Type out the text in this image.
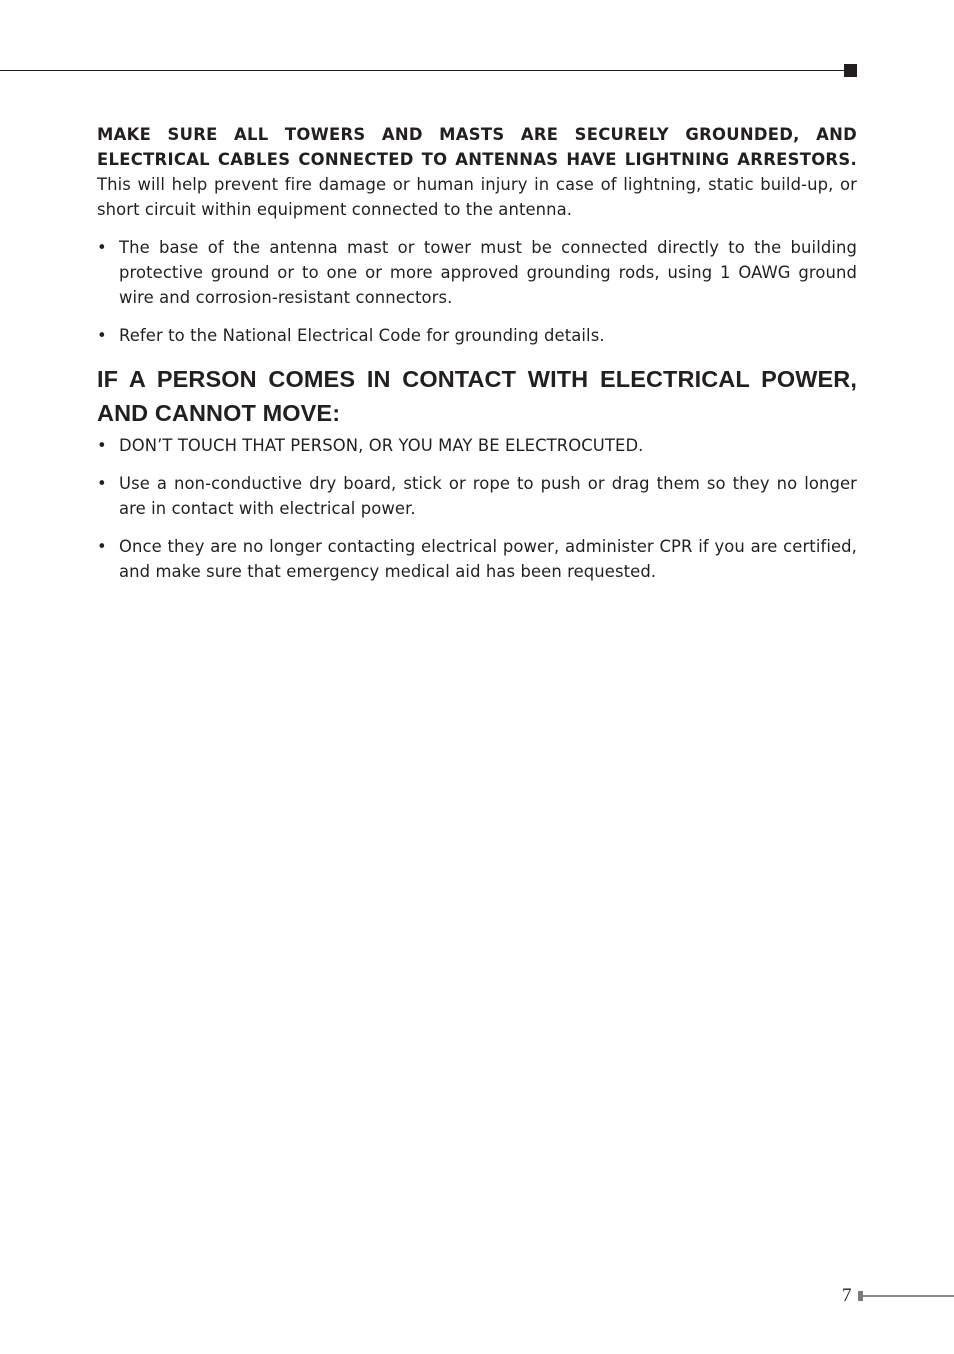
MAKE SURE ALL TOWERS AND MASTS ARE SECURELY GROUNDED, AND ELECTRICAL CABLES CONNECTED TO ANTENNAS HAVE LIGHTNING ARRESTORS. This will help prevent fire damage or human injury in case of lightning, static build-up, or short circuit within equipment connected to the antenna.

• The base of the antenna mast or tower must be connected directly to the building protective ground or to one or more approved grounding rods, using 1 OAWG ground wire and corrosion-resistant connectors.
• Refer to the National Electrical Code for grounding details.
IF A PERSON COMES IN CONTACT WITH ELECTRICAL POWER, AND CANNOT MOVE:
• DON’T TOUCH THAT PERSON, OR YOU MAY BE ELECTROCUTED.
• Use a non-conductive dry board, stick or rope to push or drag them so they no longer are in contact with electrical power.
• Once they are no longer contacting electrical power, administer CPR if you are certified, and make sure that emergency medical aid has been requested.
7
